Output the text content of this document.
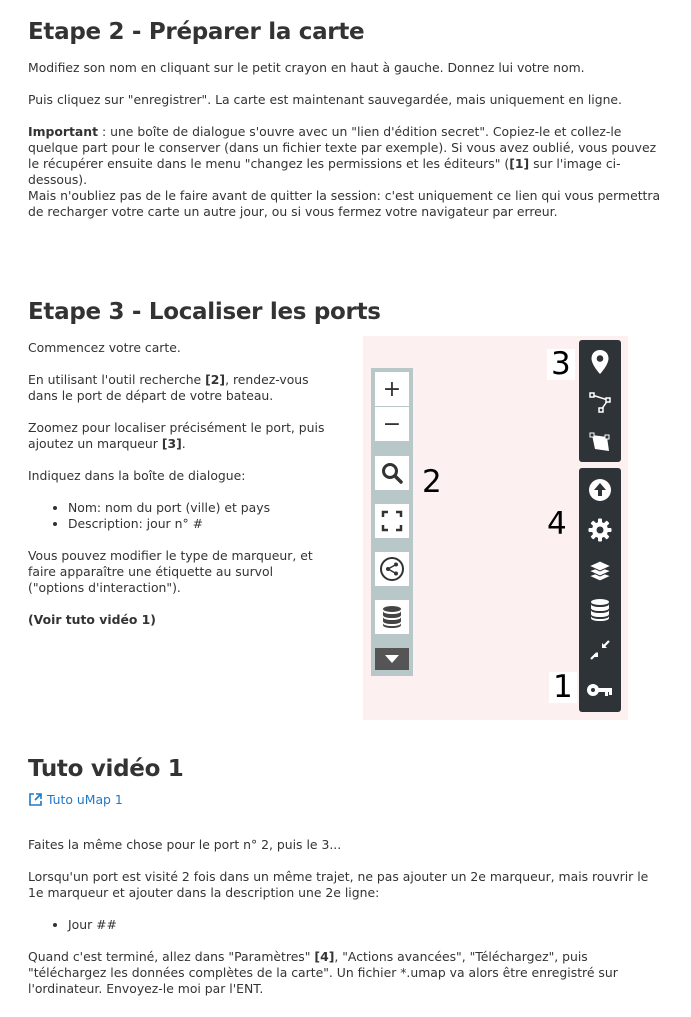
Etape 2 - Préparer la carte

Modifiez son nom en cliquant sur le petit crayon en haut à gauche. Donnez lui votre nom.

Puis cliquez sur "enregistrer". La carte est maintenant sauvegardée, mais uniquement en ligne.

Important : une boîte de dialogue s'ouvre avec un "lien d'édition secret". Copiez-le et collez-le quelque part pour le conserver (dans un fichier texte par exemple). Si vous avez oublié, vous pouvez le récupérer ensuite dans le menu "changez les permissions et les éditeurs" ([1] sur l'image ci-dessous).

Mais n'oubliez pas de le faire avant de quitter la session: c'est uniquement ce lien qui vous permettra de recharger votre carte un autre jour, ou si vous fermez votre navigateur par erreur.

Etape 3 - Localiser les ports

Commencez votre carte.

En utilisant l'outil recherche [2], rendez-vous dans le port de départ de votre bateau.

Zoomez pour localiser précisément le port, puis ajoutez un marqueur [3].

Indiquez dans la boîte de dialogue:

• Nom: nom du port (ville) et pays
• Description: jour n° #

Vous pouvez modifier le type de marqueur, et faire apparaître une étiquette au survol ("options d'interaction").

(Voir tuto vidéo 1)

+
−
2
3
4
1
Tuto vidéo 1
Tuto uMap 1

Faites la même chose pour le port n° 2, puis le 3...

Lorsqu'un port est visité 2 fois dans un même trajet, ne pas ajouter un 2e marqueur, mais rouvrir le 1e marqueur et ajouter dans la description une 2e ligne:

• Jour ##

Quand c'est terminé, allez dans "Paramètres" [4], "Actions avancées", "Téléchargez", puis "téléchargez les données complètes de la carte". Un fichier *.umap va alors être enregistré sur l'ordinateur. Envoyez-le moi par l'ENT.
